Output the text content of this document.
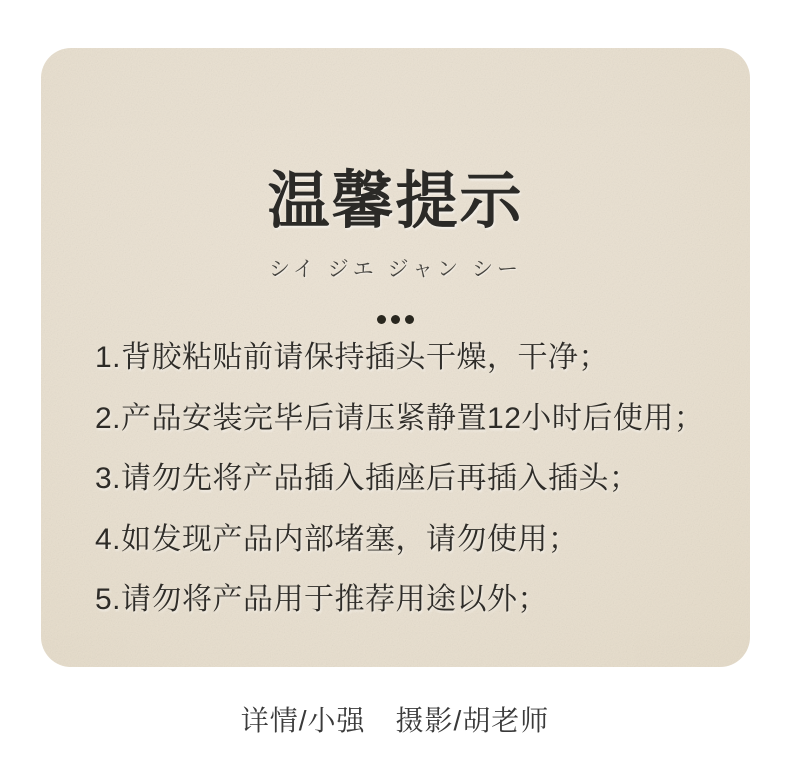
温馨提示
シイ ジエ ジャン シー
1.背胶粘贴前请保持插头干燥，干净；
2.产品安装完毕后请压紧静置12小时后使用；
3.请勿先将产品插入插座后再插入插头；
4.如发现产品内部堵塞，请勿使用；
5.请勿将产品用于推荐用途以外；
详情/小强 摄影/胡老师
